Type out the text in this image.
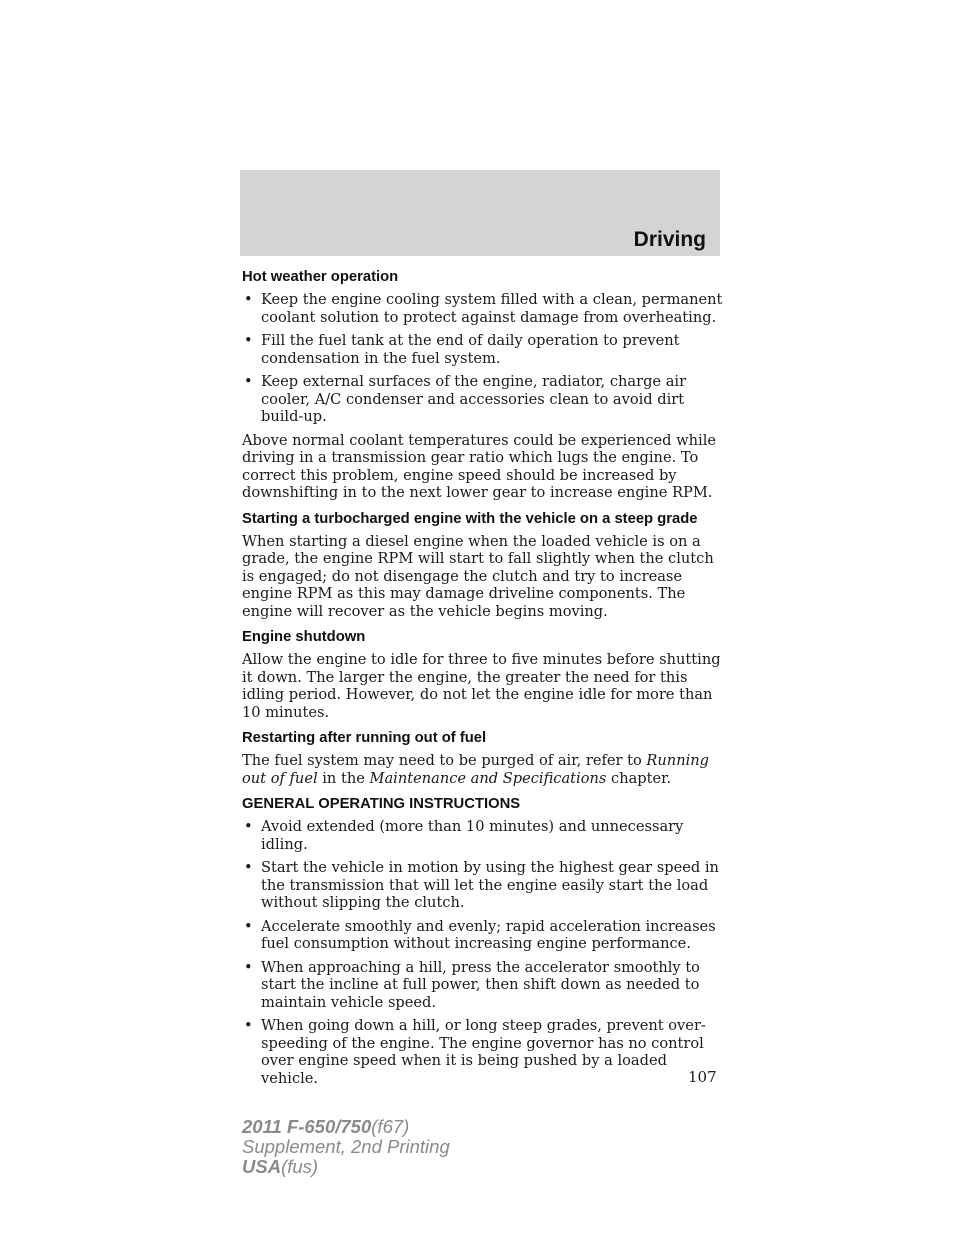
Driving
Hot weather operation
• Keep the engine cooling system filled with a clean, permanent coolant solution to protect against damage from overheating.
• Fill the fuel tank at the end of daily operation to prevent condensation in the fuel system.
• Keep external surfaces of the engine, radiator, charge air cooler, A/C condenser and accessories clean to avoid dirt build-up.

Above normal coolant temperatures could be experienced while driving in a transmission gear ratio which lugs the engine. To correct this problem, engine speed should be increased by downshifting in to the next lower gear to increase engine RPM.

Starting a turbocharged engine with the vehicle on a steep grade

When starting a diesel engine when the loaded vehicle is on a grade, the engine RPM will start to fall slightly when the clutch is engaged; do not disengage the clutch and try to increase engine RPM as this may damage driveline components. The engine will recover as the vehicle begins moving.

Engine shutdown

Allow the engine to idle for three to five minutes before shutting it down. The larger the engine, the greater the need for this idling period. However, do not let the engine idle for more than 10 minutes.

Restarting after running out of fuel

The fuel system may need to be purged of air, refer to Running out of fuel in the Maintenance and Specifications chapter.

GENERAL OPERATING INSTRUCTIONS
• Avoid extended (more than 10 minutes) and unnecessary idling.
• Start the vehicle in motion by using the highest gear speed in the transmission that will let the engine easily start the load without slipping the clutch.
• Accelerate smoothly and evenly; rapid acceleration increases fuel consumption without increasing engine performance.
• When approaching a hill, press the accelerator smoothly to start the incline at full power, then shift down as needed to maintain vehicle speed.
• When going down a hill, or long steep grades, prevent over-speeding of the engine. The engine governor has no control over engine speed when it is being pushed by a loaded vehicle.	107
2011 F-650/750(f67)
Supplement, 2nd Printing
USA(fus)
